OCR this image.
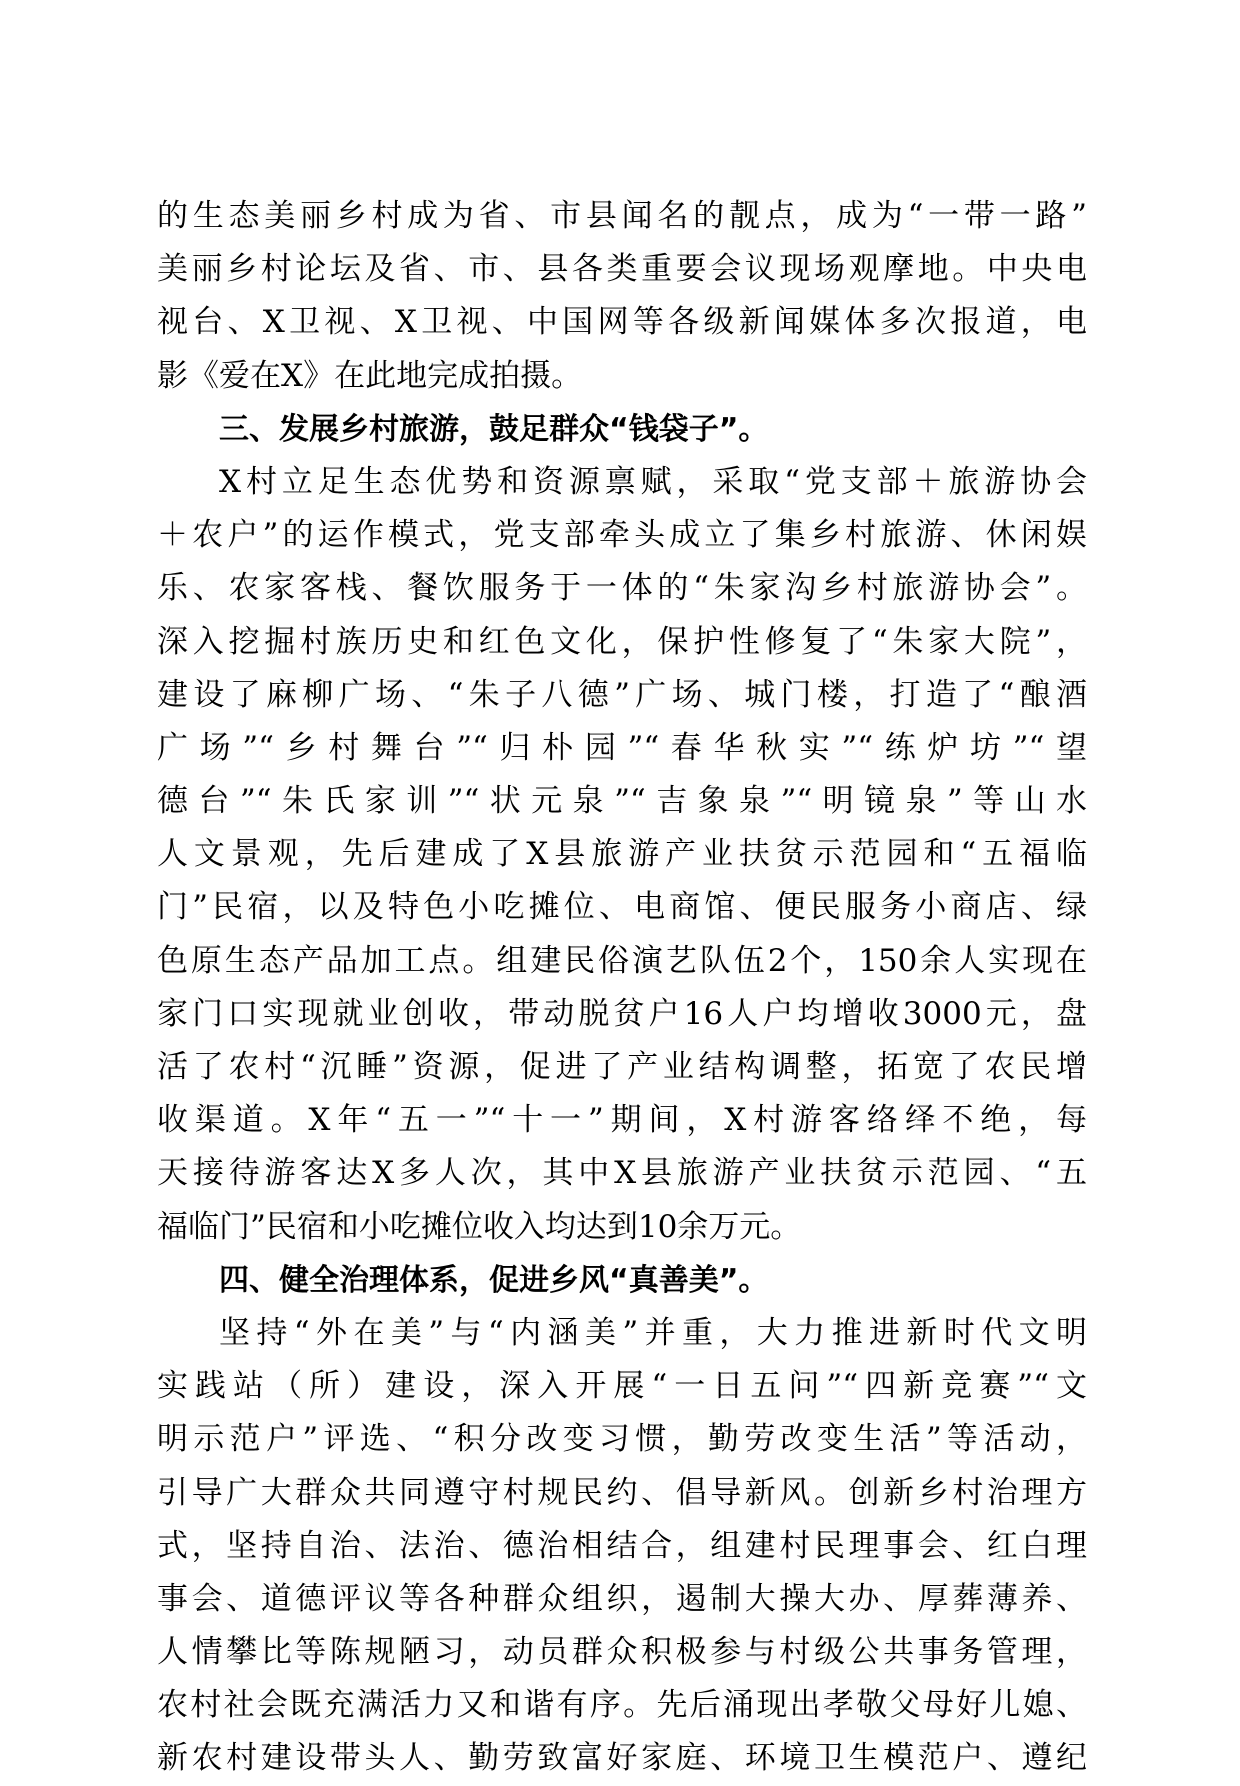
的生态美丽乡村成为省、市县闻名的靓点，成为“一带一路”
美丽乡村论坛及省、市、县各类重要会议现场观摩地。中央电
视台、X卫视、X卫视、中国网等各级新闻媒体多次报道，电
影《爱在X》在此地完成拍摄。
三、发展乡村旅游，鼓足群众“钱袋子”。
X村立足生态优势和资源禀赋，采取“党支部＋旅游协会
＋农户”的运作模式，党支部牵头成立了集乡村旅游、休闲娱
乐、农家客栈、餐饮服务于一体的“朱家沟乡村旅游协会”。
深入挖掘村族历史和红色文化，保护性修复了“朱家大院”，
建设了麻柳广场、“朱子八德”广场、城门楼，打造了“酿酒
广场”“乡村舞台”“归朴园”“春华秋实”“练炉坊”“望
德台”“朱氏家训”“状元泉”“吉象泉”“明镜泉”等山水
人文景观，先后建成了X县旅游产业扶贫示范园和“五福临
门”民宿，以及特色小吃摊位、电商馆、便民服务小商店、绿
色原生态产品加工点。组建民俗演艺队伍2个，150余人实现在
家门口实现就业创收，带动脱贫户16人户均增收3000元，盘
活了农村“沉睡”资源，促进了产业结构调整，拓宽了农民增
收渠道。X年“五一”“十一”期间，X村游客络绎不绝，每
天接待游客达X多人次，其中X县旅游产业扶贫示范园、“五
福临门”民宿和小吃摊位收入均达到10余万元。
四、健全治理体系，促进乡风“真善美”。
坚持“外在美”与“内涵美”并重，大力推进新时代文明
实践站（所）建设，深入开展“一日五问”“四新竞赛”“文
明示范户”评选、“积分改变习惯，勤劳改变生活”等活动，
引导广大群众共同遵守村规民约、倡导新风。创新乡村治理方
式，坚持自治、法治、德治相结合，组建村民理事会、红白理
事会、道德评议等各种群众组织，遏制大操大办、厚葬薄养、
人情攀比等陈规陋习，动员群众积极参与村级公共事务管理，
农村社会既充满活力又和谐有序。先后涌现出孝敬父母好儿媳、
新农村建设带头人、勤劳致富好家庭、环境卫生模范户、遵纪
